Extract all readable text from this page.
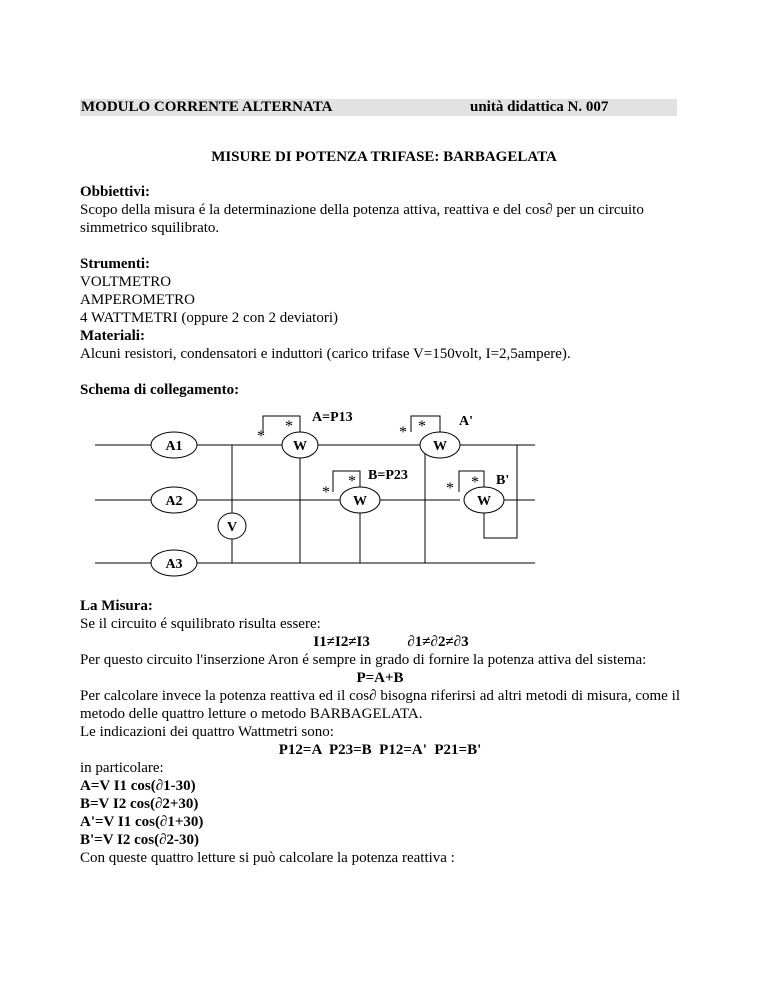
MODULO CORRENTE ALTERNATA	unità didattica N. 007
MISURE DI POTENZA TRIFASE: BARBAGELATA

Obbiettivi:

Scopo della misura é la determinazione della potenza attiva, reattiva e del cos∂ per un circuito simmetrico squilibrato.

Strumenti:

VOLTMETRO

AMPEROMETRO

4 WATTMETRI (oppure 2 con 2 deviatori)

Materiali:

Alcuni resistori, condensatori e induttori (carico trifase V=150volt, I=2,5ampere).

Schema di collegamento:

A1
A2
A3
V
W
W
W
W
*
*
*
*
* *
* *
A=P13
B=P23
A'
B'

La Misura:

Se il circuito é squilibrato risulta essere:

I1≠I2≠I3          ∂1≠∂2≠∂3

Per questo circuito l'inserzione Aron é sempre in grado di fornire la potenza attiva del sistema:

P=A+B

Per calcolare invece la potenza reattiva ed il cos∂ bisogna riferirsi ad altri metodi di misura, come il metodo delle quattro letture o metodo BARBAGELATA.

Le indicazioni dei quattro Wattmetri sono:

P12=A  P23=B  P12=A'  P21=B'

in particolare:

A=V I1 cos(∂1-30)

B=V I2 cos(∂2+30)

A'=V I1 cos(∂1+30)

B'=V I2 cos(∂2-30)

Con queste quattro letture si può calcolare la potenza reattiva :
